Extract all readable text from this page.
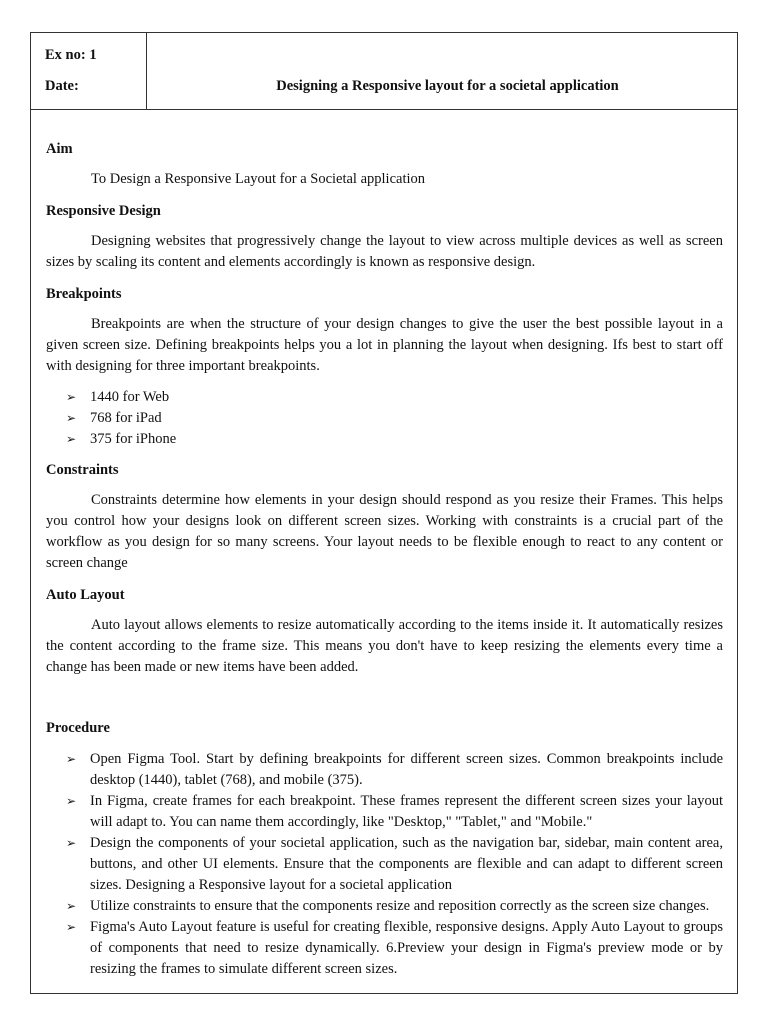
Ex no: 1
Date:	Designing a Responsive layout for a societal application

Aim

To Design a Responsive Layout for a Societal application

Responsive Design

Designing websites that progressively change the layout to view across multiple devices as well as screen sizes by scaling its content and elements accordingly is known as responsive design.

Breakpoints

Breakpoints are when the structure of your design changes to give the user the best possible layout in a given screen size. Defining breakpoints helps you a lot in planning the layout when designing. Ifs best to start off with designing for three important breakpoints.

➢ 1440 for Web
➢ 768 for iPad
➢ 375 for iPhone

Constraints

Constraints determine how elements in your design should respond as you resize their Frames. This helps you control how your designs look on different screen sizes. Working with constraints is a crucial part of the workflow as you design for so many screens. Your layout needs to be flexible enough to react to any content or screen change

Auto Layout

Auto layout allows elements to resize automatically according to the items inside it. It automatically resizes the content according to the frame size. This means you don't have to keep resizing the elements every time a change has been made or new items have been added.

Procedure

➢ Open Figma Tool. Start by defining breakpoints for different screen sizes. Common breakpoints include desktop (1440), tablet (768), and mobile (375).
➢ In Figma, create frames for each breakpoint. These frames represent the different screen sizes your layout will adapt to. You can name them accordingly, like "Desktop," "Tablet," and "Mobile."
➢ Design the components of your societal application, such as the navigation bar, sidebar, main content area, buttons, and other UI elements. Ensure that the components are flexible and can adapt to different screen sizes. Designing a Responsive layout for a societal application
➢ Utilize constraints to ensure that the components resize and reposition correctly as the screen size changes.
➢ Figma's Auto Layout feature is useful for creating flexible, responsive designs. Apply Auto Layout to groups of components that need to resize dynamically. 6.Preview your design in Figma's preview mode or by resizing the frames to simulate different screen sizes.
